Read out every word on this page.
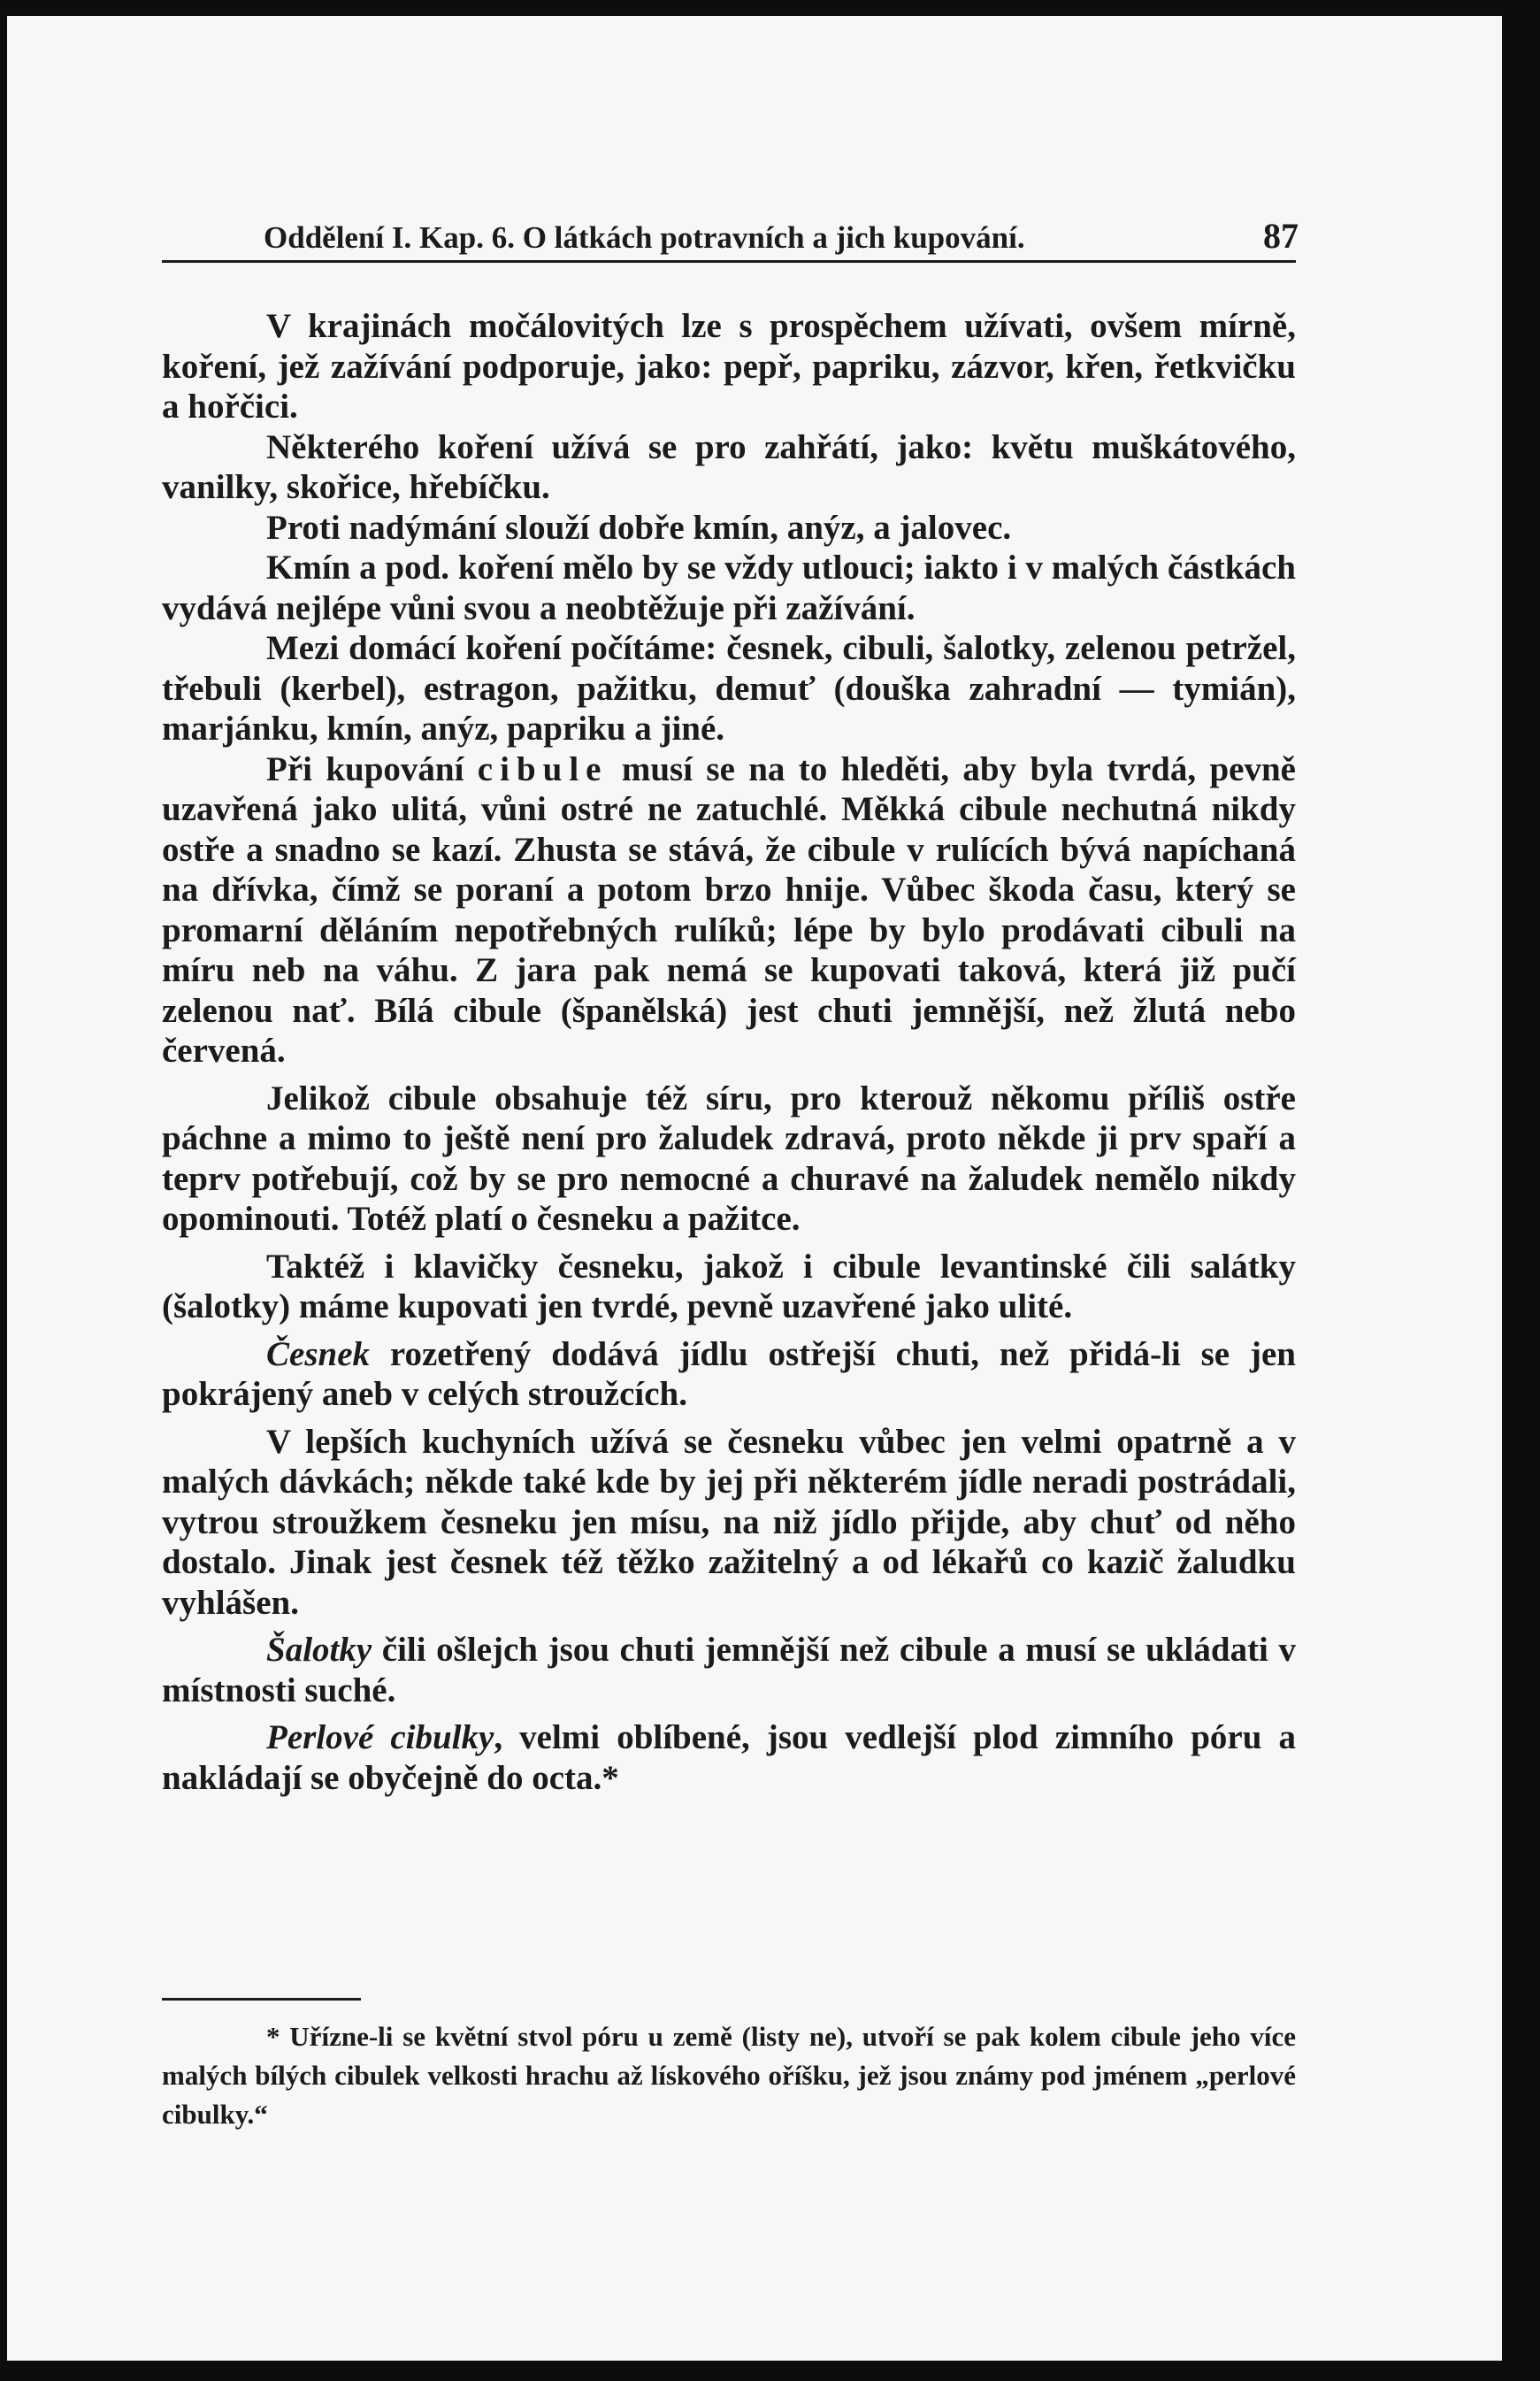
Oddělení I. Kap. 6. O látkách potravních a jich kupování.	87

V krajinách močálovitých lze s prospěchem užívati, ovšem mírně, koření, jež zažívání podporuje, jako: pepř, papriku, zázvor, křen, řetkvičku a hořčici.

Některého koření užívá se pro zahřátí, jako: květu muškátového, vanilky, skořice, hřebíčku.

Proti nadýmání slouží dobře kmín, anýz, a jalovec.

Kmín a pod. koření mělo by se vždy utlouci; iakto i v malých částkách vydává nejlépe vůni svou a neobtěžuje při zažívání.

Mezi domácí koření počítáme: česnek, cibuli, šalotky, zelenou petržel, třebuli (kerbel), estragon, pažitku, demuť (douška zahradní — tymián), marjánku, kmín, anýz, papriku a jiné.

Při kupování cibule musí se na to hleděti, aby byla tvrdá, pevně uzavřená jako ulitá, vůni ostré ne zatuchlé. Měkká cibule nechutná nikdy ostře a snadno se kazí. Zhusta se stává, že cibule v rulících bývá napíchaná na dřívka, čímž se poraní a potom brzo hnije. Vůbec škoda času, který se promarní děláním nepotřebných rulíků; lépe by bylo prodávati cibuli na míru neb na váhu. Z jara pak nemá se kupovati taková, která již pučí zelenou nať. Bílá cibule (španělská) jest chuti jemnější, než žlutá nebo červená.

Jelikož cibule obsahuje též síru, pro kterouž někomu příliš ostře páchne a mimo to ještě není pro žaludek zdravá, proto někde ji prv spaří a teprv potřebují, což by se pro nemocné a churavé na žaludek nemělo nikdy opominouti. Totéž platí o česneku a pažitce.

Taktéž i klavičky česneku, jakož i cibule levantinské čili salátky (šalotky) máme kupovati jen tvrdé, pevně uzavřené jako ulité.

Česnek rozetřený dodává jídlu ostřejší chuti, než přidá-li se jen pokrájený aneb v celých stroužcích.

V lepších kuchyních užívá se česneku vůbec jen velmi opatrně a v malých dávkách; někde také kde by jej při některém jídle neradi postrádali, vytrou stroužkem česneku jen mísu, na niž jídlo přijde, aby chuť od něho dostalo. Jinak jest česnek též těžko zažitelný a od lékařů co kazič žaludku vyhlášen.

Šalotky čili ošlejch jsou chuti jemnější než cibule a musí se ukládati v místnosti suché.

Perlové cibulky, velmi oblíbené, jsou vedlejší plod zimního póru a nakládají se obyčejně do octa.*

* Uřízne-li se květní stvol póru u země (listy ne), utvoří se pak kolem cibule jeho více malých bílých cibulek velkosti hrachu až lískového oříšku, jež jsou známy pod jménem „perlové cibulky.“
